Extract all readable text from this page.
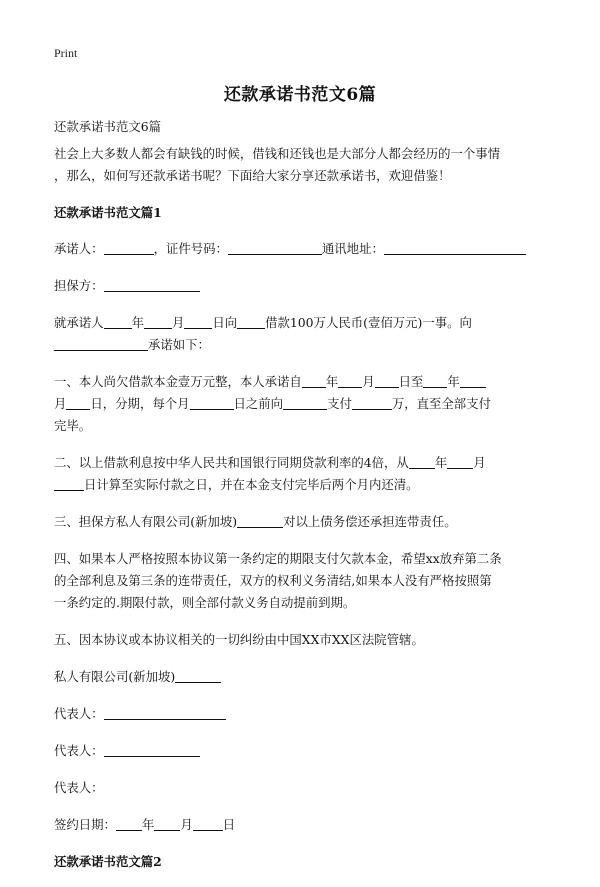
Print
还款承诺书范文6篇
还款承诺书范文6篇
社会上大多数人都会有缺钱的时候，借钱和还钱也是大部分人都会经历的一个事情
，那么，如何写还款承诺书呢？下面给大家分享还款承诺书，欢迎借鉴！
还款承诺书范文篇1
承诺人：	，证件号码：	通讯地址：
担保方：
就承诺人 年 月 日向 借款100万人民币(壹佰万元)一事。向
承诺如下：
一、本人尚欠借款本金壹万元整，本人承诺自 年 月 日至 年
月 日，分期，每个月	日之前向	支付	万，直至全部支付
完毕。
二、以上借款利息按中华人民共和国银行同期贷款利率的4倍，从 年 月
日计算至实际付款之日，并在本金支付完毕后两个月内还清。
三、担保方私人有限公司(新加坡)	对以上债务偿还承担连带责任。
四、如果本人严格按照本协议第一条约定的期限支付欠款本金，希望xx放弃第二条
的全部利息及第三条的连带责任，双方的权利义务清结,如果本人没有严格按照第
一条约定的.期限付款，则全部付款义务自动提前到期。
五、因本协议或本协议相关的一切纠纷由中国XX市XX区法院管辖。
私人有限公司(新加坡)
代表人：
代表人：
代表人：
签约日期： 年 月 日
还款承诺书范文篇2
